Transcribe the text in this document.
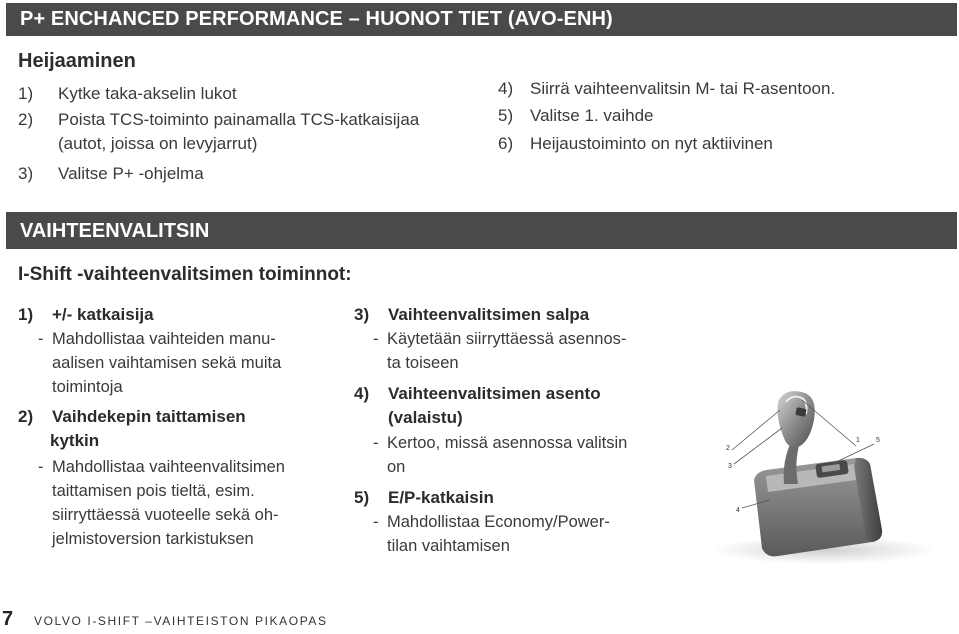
P+ ENCHANCED PERFORMANCE – HUONOT TIET (AVO-ENH)
Heijaaminen
1) Kytke taka-akselin lukot
2) Poista TCS-toiminto painamalla TCS-katkaisijaa
(autot, joissa on levyjarrut)
3) Valitse P+ -ohjelma
4) Siirrä vaihteenvalitsin M- tai R-asentoon.
5) Valitse 1. vaihde
6) Heijaustoiminto on nyt aktiivinen
VAIHTEENVALITSIN
I-Shift -vaihteenvalitsimen toiminnot:
1) +/- katkaisija
- Mahdollistaa vaihteiden manu-
aalisen vaihtamisen sekä muita
toimintoja
2) Vaihdekepin taittamisen
kytkin
- Mahdollistaa vaihteenvalitsimen
taittamisen pois tieltä, esim.
siirryttäessä vuoteelle sekä oh-
jelmistoversion tarkistuksen
3) Vaihteenvalitsimen salpa
- Käytetään siirryttäessä asennos-
ta toiseen
4) Vaihteenvalitsimen asento
(valaistu)
- Kertoo, missä asennossa valitsin
on
5) E/P-katkaisin
- Mahdollistaa Economy/Power-
tilan vaihtamisen
1
2
3
4
5
7 VOLVO I-SHIFT –VAIHTEISTON PIKAOPAS
